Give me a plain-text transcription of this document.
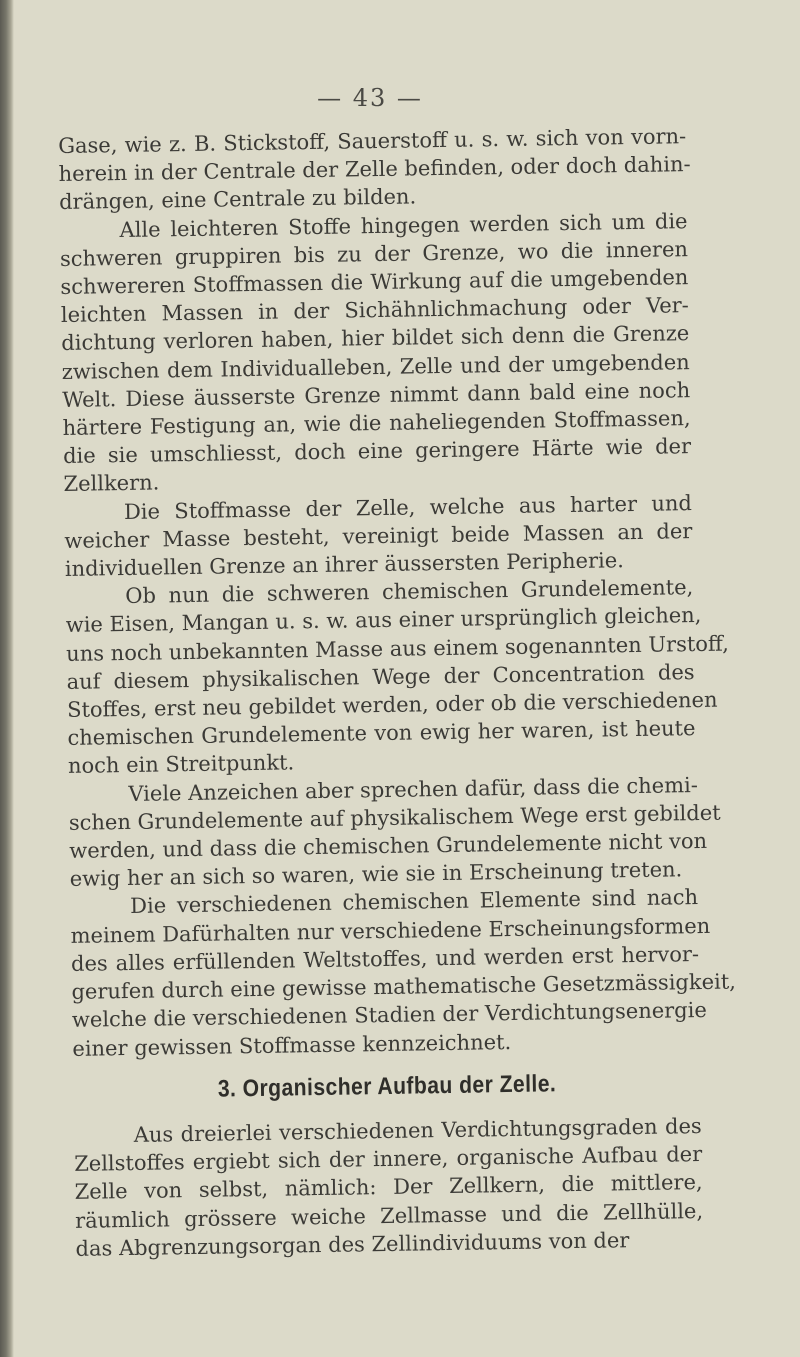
— 43 —
Gase, wie z. B. Stickstoff, Sauerstoff u. s. w. sich von vorn-
herein in der Centrale der Zelle befinden, oder doch dahin-
drängen, eine Centrale zu bilden.
Alle leichteren Stoffe hingegen werden sich um die
schweren gruppiren bis zu der Grenze, wo die inneren
schwereren Stoffmassen die Wirkung auf die umgebenden
leichten Massen in der Sichähnlichmachung oder Ver-
dichtung verloren haben, hier bildet sich denn die Grenze
zwischen dem Individualleben, Zelle und der umgebenden
Welt. Diese äusserste Grenze nimmt dann bald eine noch
härtere Festigung an, wie die naheliegenden Stoffmassen,
die sie umschliesst, doch eine geringere Härte wie der
Zellkern.
Die Stoffmasse der Zelle, welche aus harter und
weicher Masse besteht, vereinigt beide Massen an der
individuellen Grenze an ihrer äussersten Peripherie.
Ob nun die schweren chemischen Grundelemente,
wie Eisen, Mangan u. s. w. aus einer ursprünglich gleichen,
uns noch unbekannten Masse aus einem sogenannten Urstoff,
auf diesem physikalischen Wege der Concentration des
Stoffes, erst neu gebildet werden, oder ob die verschiedenen
chemischen Grundelemente von ewig her waren, ist heute
noch ein Streitpunkt.
Viele Anzeichen aber sprechen dafür, dass die chemi-
schen Grundelemente auf physikalischem Wege erst gebildet
werden, und dass die chemischen Grundelemente nicht von
ewig her an sich so waren, wie sie in Erscheinung treten.
Die verschiedenen chemischen Elemente sind nach
meinem Dafürhalten nur verschiedene Erscheinungsformen
des alles erfüllenden Weltstoffes, und werden erst hervor-
gerufen durch eine gewisse mathematische Gesetzmässigkeit,
welche die verschiedenen Stadien der Verdichtungsenergie
einer gewissen Stoffmasse kennzeichnet.
3. Organischer Aufbau der Zelle.
Aus dreierlei verschiedenen Verdichtungsgraden des
Zellstoffes ergiebt sich der innere, organische Aufbau der
Zelle von selbst, nämlich: Der Zellkern, die mittlere,
räumlich grössere weiche Zellmasse und die Zellhülle,
das Abgrenzungsorgan des Zellindividuums von der
